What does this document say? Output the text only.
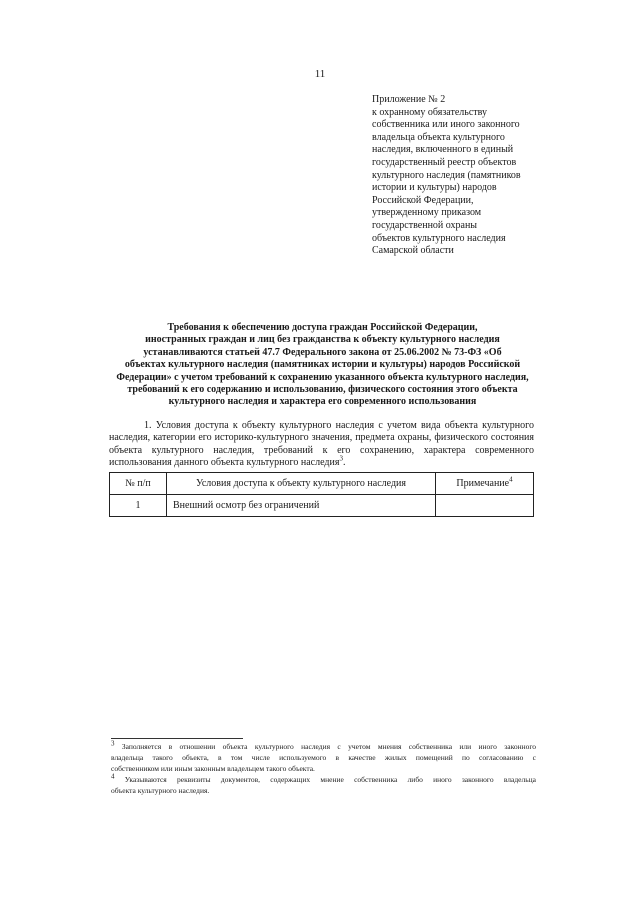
11
Приложение № 2
к охранному обязательству
собственника или иного законного
владельца объекта культурного
наследия, включенного в единый
государственный реестр объектов
культурного наследия (памятников
истории и культуры) народов
Российской Федерации,
утвержденному приказом
государственной охраны
объектов культурного наследия
Самарской области
Требования к обеспечению доступа граждан Российской Федерации,
иностранных граждан и лиц без гражданства к объекту культурного наследия
устанавливаются статьей 47.7 Федерального закона от 25.06.2002 № 73-ФЗ «Об
объектах культурного наследия (памятниках истории и культуры) народов Российской
Федерации» с учетом требований к сохранению указанного объекта культурного наследия,
требований к его содержанию и использованию, физического состояния этого объекта
культурного наследия и характера его современного использования
1. Условия доступа к объекту культурного наследия с учетом вида объекта культурного
наследия, категории его историко-культурного значения, предмета охраны, физического состояния
объекта культурного наследия, требований к его сохранению, характера современного
использования данного объекта культурного наследия$^3$.
№ п/п	Условия доступа к объекту культурного наследия	Примечание$^4$
1	Внешний осмотр без ограничений	
$^3$ Заполняется в отношении объекта культурного наследия с учетом мнения собственника или иного законного
владельца такого объекта, в том числе используемого в качестве жилых помещений по согласованию с
собственником или иным законным владельцем такого объекта.
$^4$ Указываются реквизиты документов, содержащих мнение собственника либо иного законного владельца
объекта культурного наследия.
